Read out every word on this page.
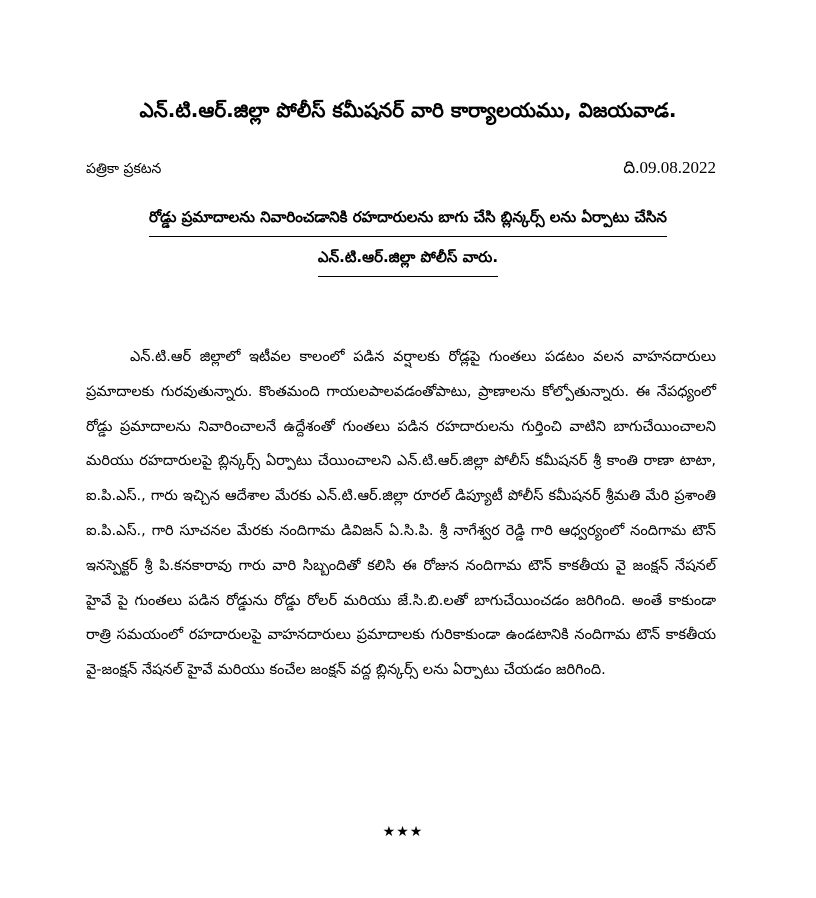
ఎన్.టి.ఆర్.జిల్లా పోలీస్ కమీషనర్ వారి కార్యాలయము, విజయవాడ.
పత్రికా ప్రకటన	ది.09.08.2022
రోడ్డు ప్రమాదాలను నివారించడానికి రహదారులను బాగు చేసి బ్లిన్కర్స్ లను ఏర్పాటు చేసిన
ఎన్.టి.ఆర్.జిల్లా పోలీస్ వారు.

ఎన్.టి.ఆర్ జిల్లాలో ఇటీవల కాలంలో పడిన వర్షాలకు రోడ్లపై గుంతలు పడటం వలన వాహనదారులు ప్రమాదాలకు గురవుతున్నారు. కొంతమంది గాయలపాలవడంతోపాటు, ప్రాణాలను కోల్పోతున్నారు. ఈ నేపధ్యంలో రోడ్డు ప్రమాదాలను నివారించాలనే ఉద్దేశంతో గుంతలు పడిన రహదారులను గుర్తించి వాటిని బాగుచేయించాలని మరియు రహదారులపై బ్లిన్కర్స్ ఏర్పాటు చేయించాలని ఎన్.టి.ఆర్.జిల్లా పోలీస్ కమీషనర్ శ్రీ కాంతి రాణా టాటా, ఐ.పి.ఎస్., గారు ఇచ్చిన ఆదేశాల మేరకు ఎన్.టి.ఆర్.జిల్లా రూరల్ డిప్యూటీ పోలీస్ కమీషనర్ శ్రీమతి మేరి ప్రశాంతి ఐ.పి.ఎస్., గారి సూచనల మేరకు నందిగామ డివిజన్ ఏ.సి.పి. శ్రీ నాగేశ్వర రెడ్డి గారి ఆధ్వర్యంలో నందిగామ టౌన్ ఇనస్పెక్టర్ శ్రీ పి.కనకారావు గారు వారి సిబ్బందితో కలిసి ఈ రోజున నందిగామ టౌన్ కాకతీయ వై జంక్షన్ నేషనల్ హైవే పై గుంతలు పడిన రోడ్డును రోడ్డు రోలర్ మరియు జే.సి.బి.లతో బాగుచేయించడం జరిగింది. అంతే కాకుండా రాత్రి సమయంలో రహదారులపై వాహనదారులు ప్రమాదాలకు గురికాకుండా ఉండటానికి నందిగామ టౌన్ కాకతీయ వై-జంక్షన్ నేషనల్ హైవే మరియు కంచేల జంక్షన్ వద్ద బ్లిన్కర్స్ లను ఏర్పాటు చేయడం జరిగింది.

★★★
